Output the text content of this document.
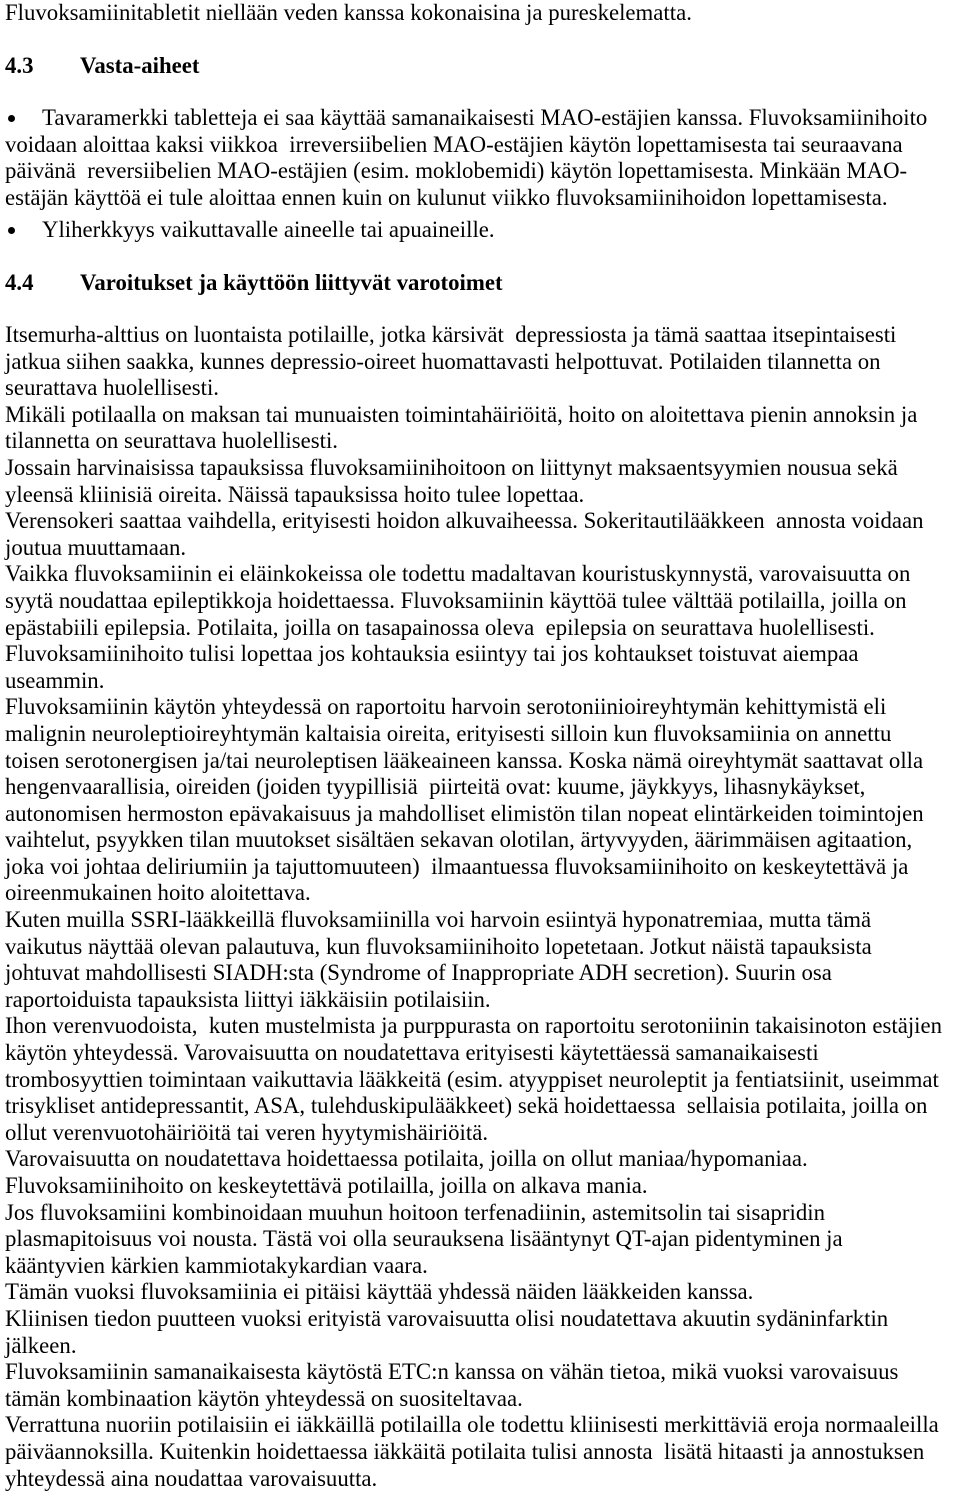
Fluvoksamiinitabletit niellään veden kanssa kokonaisina ja pureskelematta.
4.3 Vasta-aiheet
Tavaramerkki tabletteja ei saa käyttää samanaikaisesti MAO-estäjien kanssa. Fluvoksamiinihoito
voidaan aloittaa kaksi viikkoa  irreversiibelien MAO-estäjien käytön lopettamisesta tai seuraavana
päivänä  reversiibelien MAO-estäjien (esim. moklobemidi) käytön lopettamisesta. Minkään MAO-
estäjän käyttöä ei tule aloittaa ennen kuin on kulunut viikko fluvoksamiinihoidon lopettamisesta.
Yliherkkyys vaikuttavalle aineelle tai apuaineille.
4.4 Varoitukset ja käyttöön liittyvät varotoimet
Itsemurha-alttius on luontaista potilaille, jotka kärsivät  depressiosta ja tämä saattaa itsepintaisesti
jatkua siihen saakka, kunnes depressio-oireet huomattavasti helpottuvat. Potilaiden tilannetta on
seurattava huolellisesti.
Mikäli potilaalla on maksan tai munuaisten toimintahäiriöitä, hoito on aloitettava pienin annoksin ja
tilannetta on seurattava huolellisesti.
Jossain harvinaisissa tapauksissa fluvoksamiinihoitoon on liittynyt maksaentsyymien nousua sekä
yleensä kliinisiä oireita. Näissä tapauksissa hoito tulee lopettaa.
Verensokeri saattaa vaihdella, erityisesti hoidon alkuvaiheessa. Sokeritautilääkkeen  annosta voidaan
joutua muuttamaan.
Vaikka fluvoksamiinin ei eläinkokeissa ole todettu madaltavan kouristuskynnystä, varovaisuutta on
syytä noudattaa epileptikkoja hoidettaessa. Fluvoksamiinin käyttöä tulee välttää potilailla, joilla on
epästabiili epilepsia. Potilaita, joilla on tasapainossa oleva  epilepsia on seurattava huolellisesti.
Fluvoksamiinihoito tulisi lopettaa jos kohtauksia esiintyy tai jos kohtaukset toistuvat aiempaa
useammin.
Fluvoksamiinin käytön yhteydessä on raportoitu harvoin serotoniinioireyhtymän kehittymistä eli
malignin neuroleptioireyhtymän kaltaisia oireita, erityisesti silloin kun fluvoksamiinia on annettu
toisen serotonergisen ja/tai neuroleptisen lääkeaineen kanssa. Koska nämä oireyhtymät saattavat olla
hengenvaarallisia, oireiden (joiden tyypillisiä  piirteitä ovat: kuume, jäykkyys, lihasnykäykset,
autonomisen hermoston epävakaisuus ja mahdolliset elimistön tilan nopeat elintärkeiden toimintojen
vaihtelut, psyykken tilan muutokset sisältäen sekavan olotilan, ärtyvyyden, äärimmäisen agitaation,
joka voi johtaa deliriumiin ja tajuttomuuteen)  ilmaantuessa fluvoksamiinihoito on keskeytettävä ja
oireenmukainen hoito aloitettava.
Kuten muilla SSRI-lääkkeillä fluvoksamiinilla voi harvoin esiintyä hyponatremiaa, mutta tämä
vaikutus näyttää olevan palautuva, kun fluvoksamiinihoito lopetetaan. Jotkut näistä tapauksista
johtuvat mahdollisesti SIADH:sta (Syndrome of Inappropriate ADH secretion). Suurin osa
raportoiduista tapauksista liittyi iäkkäisiin potilaisiin.
Ihon verenvuodoista,  kuten mustelmista ja purppurasta on raportoitu serotoniinin takaisinoton estäjien
käytön yhteydessä. Varovaisuutta on noudatettava erityisesti käytettäessä samanaikaisesti
trombosyyttien toimintaan vaikuttavia lääkkeitä (esim. atyyppiset neuroleptit ja fentiatsiinit, useimmat
trisykliset antidepressantit, ASA, tulehduskipulääkkeet) sekä hoidettaessa  sellaisia potilaita, joilla on
ollut verenvuotohäiriöitä tai veren hyytymishäiriöitä.
Varovaisuutta on noudatettava hoidettaessa potilaita, joilla on ollut maniaa/hypomaniaa.
Fluvoksamiinihoito on keskeytettävä potilailla, joilla on alkava mania.
Jos fluvoksamiini kombinoidaan muuhun hoitoon terfenadiinin, astemitsolin tai sisapridin
plasmapitoisuus voi nousta. Tästä voi olla seurauksena lisääntynyt QT-ajan pidentyminen ja
kääntyvien kärkien kammiotakykardian vaara.
Tämän vuoksi fluvoksamiinia ei pitäisi käyttää yhdessä näiden lääkkeiden kanssa.
Kliinisen tiedon puutteen vuoksi erityistä varovaisuutta olisi noudatettava akuutin sydäninfarktin
jälkeen.
Fluvoksamiinin samanaikaisesta käytöstä ETC:n kanssa on vähän tietoa, mikä vuoksi varovaisuus
tämän kombinaation käytön yhteydessä on suositeltavaa.
Verrattuna nuoriin potilaisiin ei iäkkäillä potilailla ole todettu kliinisesti merkittäviä eroja normaaleilla
päiväannoksilla. Kuitenkin hoidettaessa iäkkäitä potilaita tulisi annosta  lisätä hitaasti ja annostuksen
yhteydessä aina noudattaa varovaisuutta.
